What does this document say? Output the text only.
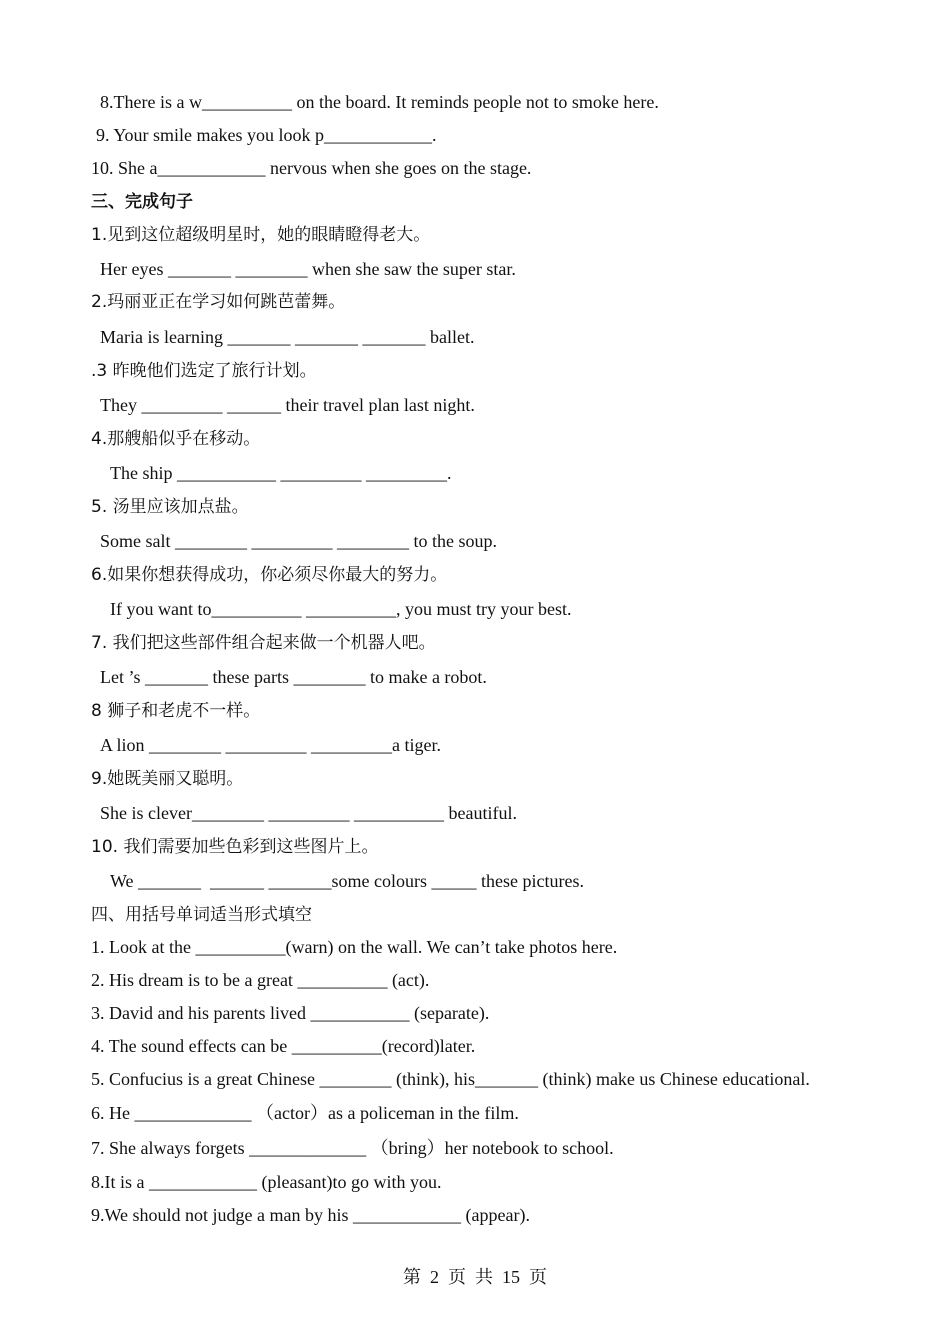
8.There is a w__________ on the board. It reminds people not to smoke here.
9. Your smile makes you look p____________.
10. She a____________ nervous when she goes on the stage.
三、完成句子
1.见到这位超级明星时，她的眼睛瞪得老大。
Her eyes _______ ________ when she saw the super star.
2.玛丽亚正在学习如何跳芭蕾舞。
Maria is learning _______ _______ _______ ballet.
.3 昨晚他们选定了旅行计划。
They _________ ______ their travel plan last night.
4.那艘船似乎在移动。
The ship ___________ _________ _________.
5. 汤里应该加点盐。
Some salt ________ _________ ________ to the soup.
6.如果你想获得成功，你必须尽你最大的努力。
If you want to__________ __________, you must try your best.
7. 我们把这些部件组合起来做一个机器人吧。
Let ’s _______ these parts ________ to make a robot.
8 狮子和老虎不一样。
A lion ________ _________ _________a tiger.
9.她既美丽又聪明。
She is clever________ _________ __________ beautiful.
10. 我们需要加些色彩到这些图片上。
We _______  ______ _______some colours _____ these pictures.
四、用括号单词适当形式填空
1. Look at the __________(warn) on the wall. We can’t take photos here.
2. His dream is to be a great __________ (act).
3. David and his parents lived ___________ (separate).
4. The sound effects can be __________(record)later.
5. Confucius is a great Chinese ________ (think), his_______ (think) make us Chinese educational.
6. He _____________ （actor）as a policeman in the film.
7. She always forgets _____________ （bring）her notebook to school.
8.It is a ____________ (pleasant)to go with you.
9.We should not judge a man by his ____________ (appear).
第  2  页  共  15  页
